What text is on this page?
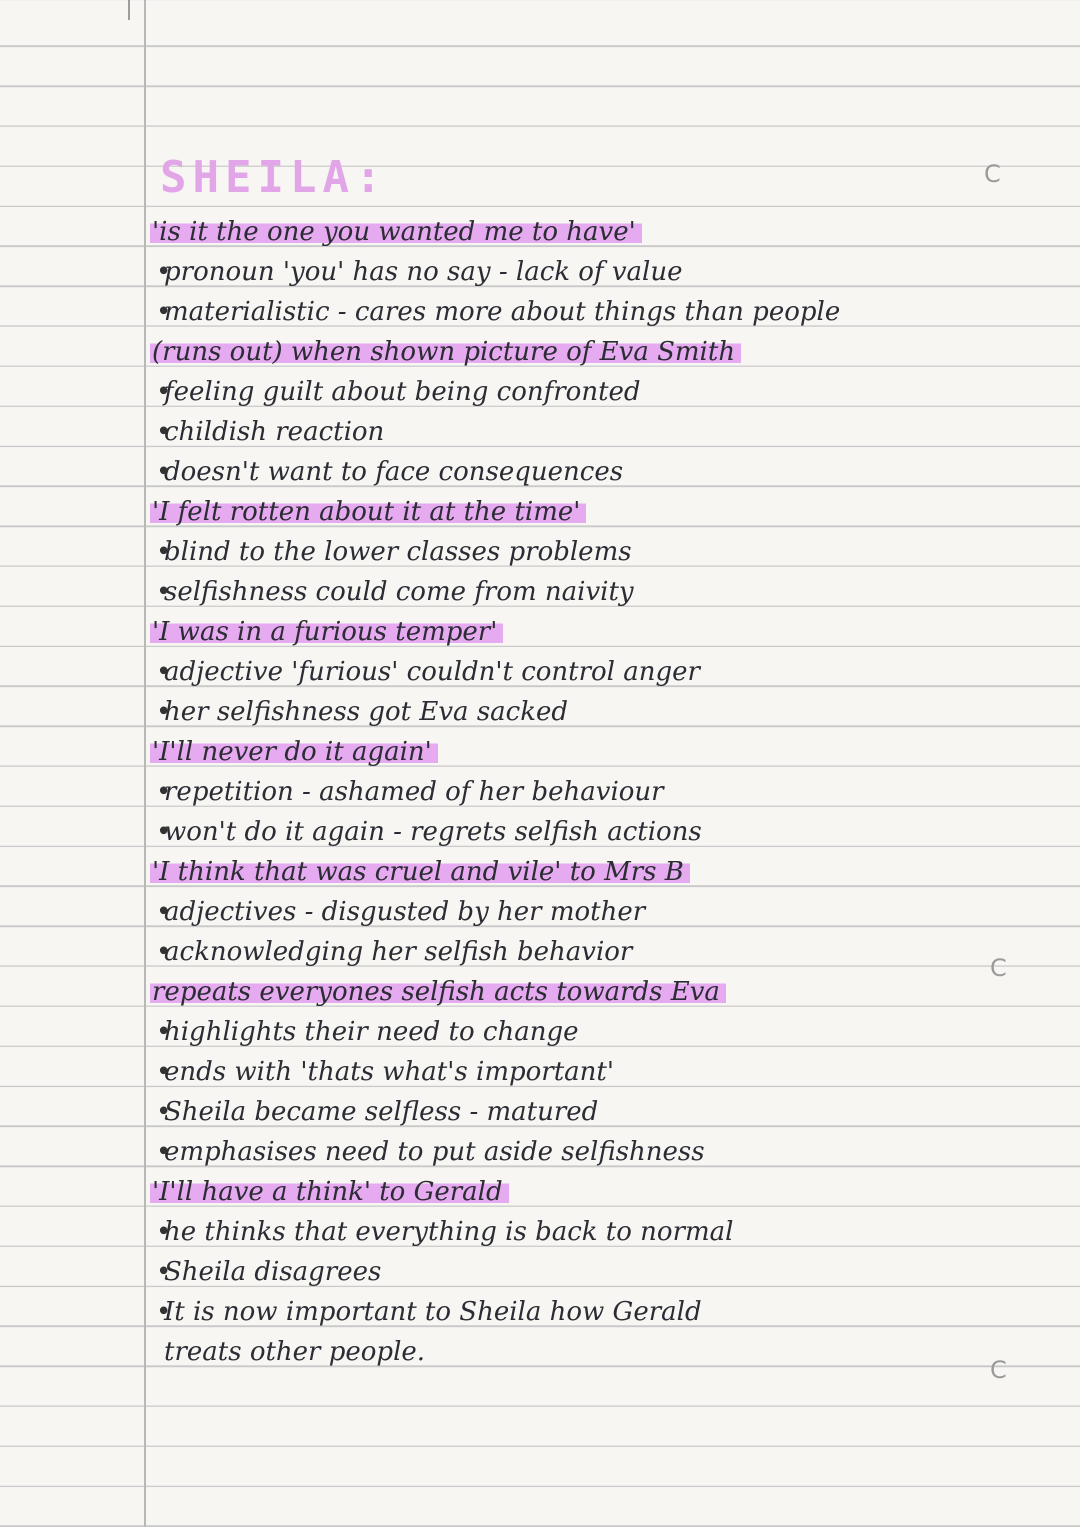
SHEILA:
'is it the one you wanted me to have'
• pronoun 'you' has no say - lack of value
• materialistic - cares more about things than people
(runs out) when shown picture of Eva Smith
• feeling guilt about being confronted
• childish reaction
• doesn't want to face consequences
'I felt rotten about it at the time'
• blind to the lower classes problems
• selfishness could come from naivity
'I was in a furious temper'
• adjective 'furious' couldn't control anger
• her selfishness got Eva sacked
'I'll never do it again'
• repetition - ashamed of her behaviour
• won't do it again - regrets selfish actions
'I think that was cruel and vile' to Mrs B
• adjectives - disgusted by her mother
• acknowledging her selfish behavior
repeats everyones selfish acts towards Eva
• highlights their need to change
• ends with 'thats what's important'
• Sheila became selfless - matured
• emphasises need to put aside selfishness
'I'll have a think' to Gerald
• he thinks that everything is back to normal
• Sheila disagrees
• It is now important to Sheila how Gerald
treats other people.
C
C
C
